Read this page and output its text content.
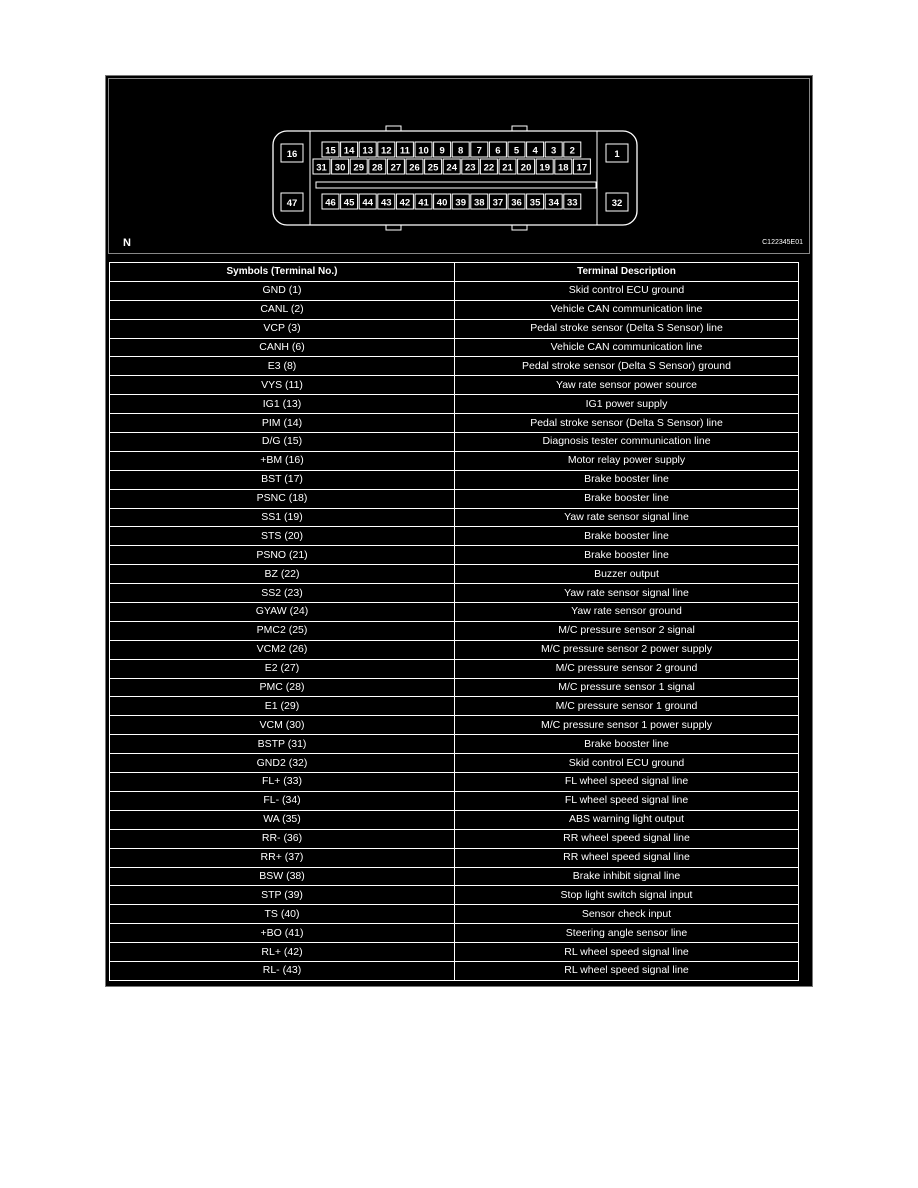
16
47
1
32
15 14 13 12 11 10 9 8 7 6 5 4 3 2
31 30 29 28 27 26 25 24 23 22 21 20 19 18 17
46 45 44 43 42 41 40 39 38 37 36 35 34 33
N	C122345E01
Symbols (Terminal No.)	Terminal Description
GND (1)	Skid control ECU ground
CANL (2)	Vehicle CAN communication line
VCP (3)	Pedal stroke sensor (Delta S Sensor) line
CANH (6)	Vehicle CAN communication line
E3 (8)	Pedal stroke sensor (Delta S Sensor) ground
VYS (11)	Yaw rate sensor power source
IG1 (13)	IG1 power supply
PIM (14)	Pedal stroke sensor (Delta S Sensor) line
D/G (15)	Diagnosis tester communication line
+BM (16)	Motor relay power supply
BST (17)	Brake booster line
PSNC (18)	Brake booster line
SS1 (19)	Yaw rate sensor signal line
STS (20)	Brake booster line
PSNO (21)	Brake booster line
BZ (22)	Buzzer output
SS2 (23)	Yaw rate sensor signal line
GYAW (24)	Yaw rate sensor ground
PMC2 (25)	M/C pressure sensor 2 signal
VCM2 (26)	M/C pressure sensor 2 power supply
E2 (27)	M/C pressure sensor 2 ground
PMC (28)	M/C pressure sensor 1 signal
E1 (29)	M/C pressure sensor 1 ground
VCM (30)	M/C pressure sensor 1 power supply
BSTP (31)	Brake booster line
GND2 (32)	Skid control ECU ground
FL+ (33)	FL wheel speed signal line
FL- (34)	FL wheel speed signal line
WA (35)	ABS warning light output
RR- (36)	RR wheel speed signal line
RR+ (37)	RR wheel speed signal line
BSW (38)	Brake inhibit signal line
STP (39)	Stop light switch signal input
TS (40)	Sensor check input
+BO (41)	Steering angle sensor line
RL+ (42)	RL wheel speed signal line
RL- (43)	RL wheel speed signal line
